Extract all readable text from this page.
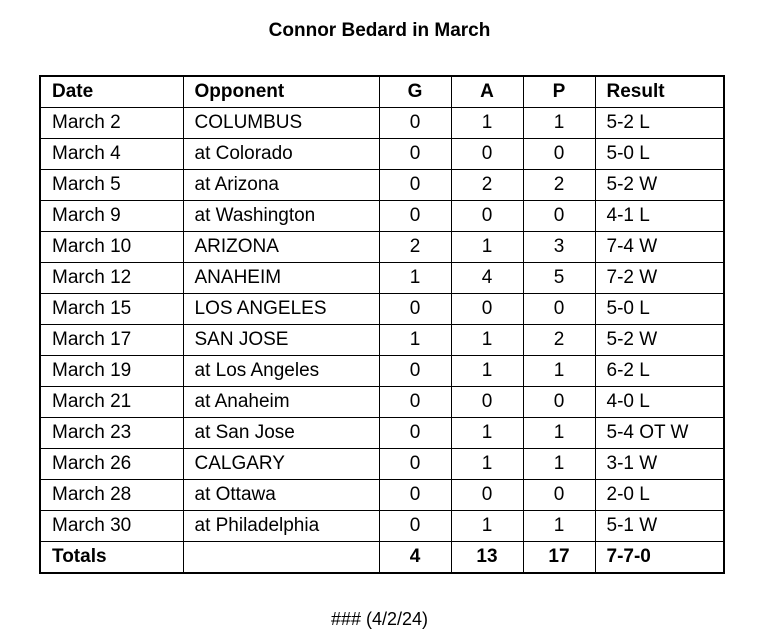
Connor Bedard in March
Date	Opponent	G	A	P	Result
March 2	COLUMBUS	0	1	1	5-2 L
March 4	at Colorado	0	0	0	5-0 L
March 5	at Arizona	0	2	2	5-2 W
March 9	at Washington	0	0	0	4-1 L
March 10	ARIZONA	2	1	3	7-4 W
March 12	ANAHEIM	1	4	5	7-2 W
March 15	LOS ANGELES	0	0	0	5-0 L
March 17	SAN JOSE	1	1	2	5-2 W
March 19	at Los Angeles	0	1	1	6-2 L
March 21	at Anaheim	0	0	0	4-0 L
March 23	at San Jose	0	1	1	5-4 OT W
March 26	CALGARY	0	1	1	3-1 W
March 28	at Ottawa	0	0	0	2-0 L
March 30	at Philadelphia	0	1	1	5-1 W
Totals		4	13	17	7-7-0
### (4/2/24)
